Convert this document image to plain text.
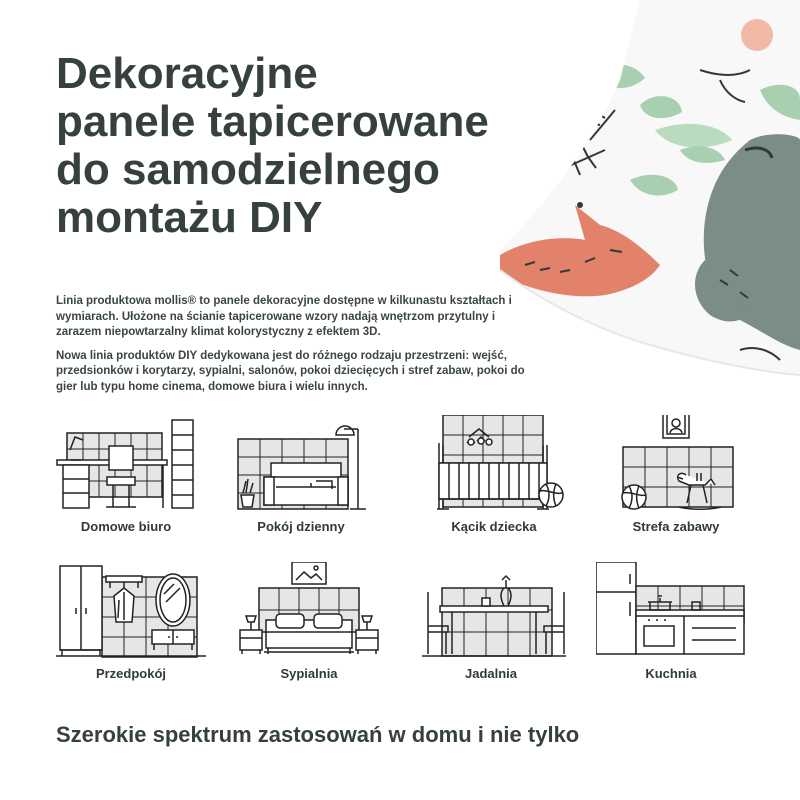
Dekoracyjne
panele tapicerowane
do samodzielnego
montażu DIY

Linia produktowa mollis® to panele dekoracyjne dostępne w kilkunastu kształtach i wymiarach. Ułożone na ścianie tapicerowane wzory nadają wnętrzom przytulny i zarazem niepowtarzalny klimat kolorystyczny z efektem 3D.

Nowa linia produktów DIY dedykowana jest do różnego rodzaju przestrzeni: wejść, przedsionków i korytarzy, sypialni, salonów, pokoi dziecięcych i stref zabaw, pokoi do gier lub typu home cinema, domowe biura i wielu innych.

Domowe biuro	Pokój dzienny	Kącik dziecka	Strefa zabawy
Przedpokój	Sypialnia	Jadalnia	Kuchnia
Szerokie spektrum zastosowań w domu i nie tylko
